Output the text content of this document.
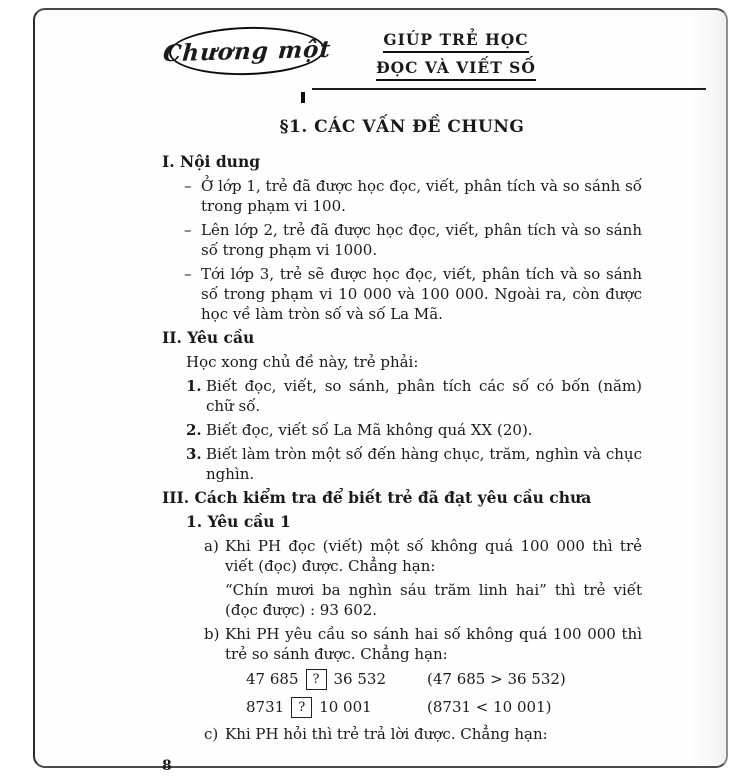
Chương một	GIÚP TRẺ HỌC
ĐỌC VÀ VIẾT SỐ
§1. CÁC VẤN ĐỀ CHUNG
I. Nội dung
– Ở lớp 1, trẻ đã được học đọc, viết, phân tích và so sánh số trong phạm vi 100.
– Lên lớp 2, trẻ đã được học đọc, viết, phân tích và so sánh số trong phạm vi 1000.
– Tới lớp 3, trẻ sẽ được học đọc, viết, phân tích và so sánh số trong phạm vi 10 000 và 100 000. Ngoài ra, còn được học về làm tròn số và số La Mã.
II. Yêu cầu
Học xong chủ đề này, trẻ phải:
1. Biết đọc, viết, so sánh, phân tích các số có bốn (năm) chữ số.
2. Biết đọc, viết số La Mã không quá XX (20).
3. Biết làm tròn một số đến hàng chục, trăm, nghìn và chục nghìn.
III. Cách kiểm tra để biết trẻ đã đạt yêu cầu chưa
1. Yêu cầu 1
a) Khi PH đọc (viết) một số không quá 100 000 thì trẻ viết (đọc) được. Chẳng hạn:
“Chín mươi ba nghìn sáu trăm linh hai” thì trẻ viết (đọc được) : 93 602.
b) Khi PH yêu cầu so sánh hai số không quá 100 000 thì trẻ so sánh được. Chẳng hạn:
47 685	? 36 532	(47 685 > 36 532)
8731	? 10 001	(8731 < 10 001)
c) Khi PH hỏi thì trẻ trả lời được. Chẳng hạn:
8
